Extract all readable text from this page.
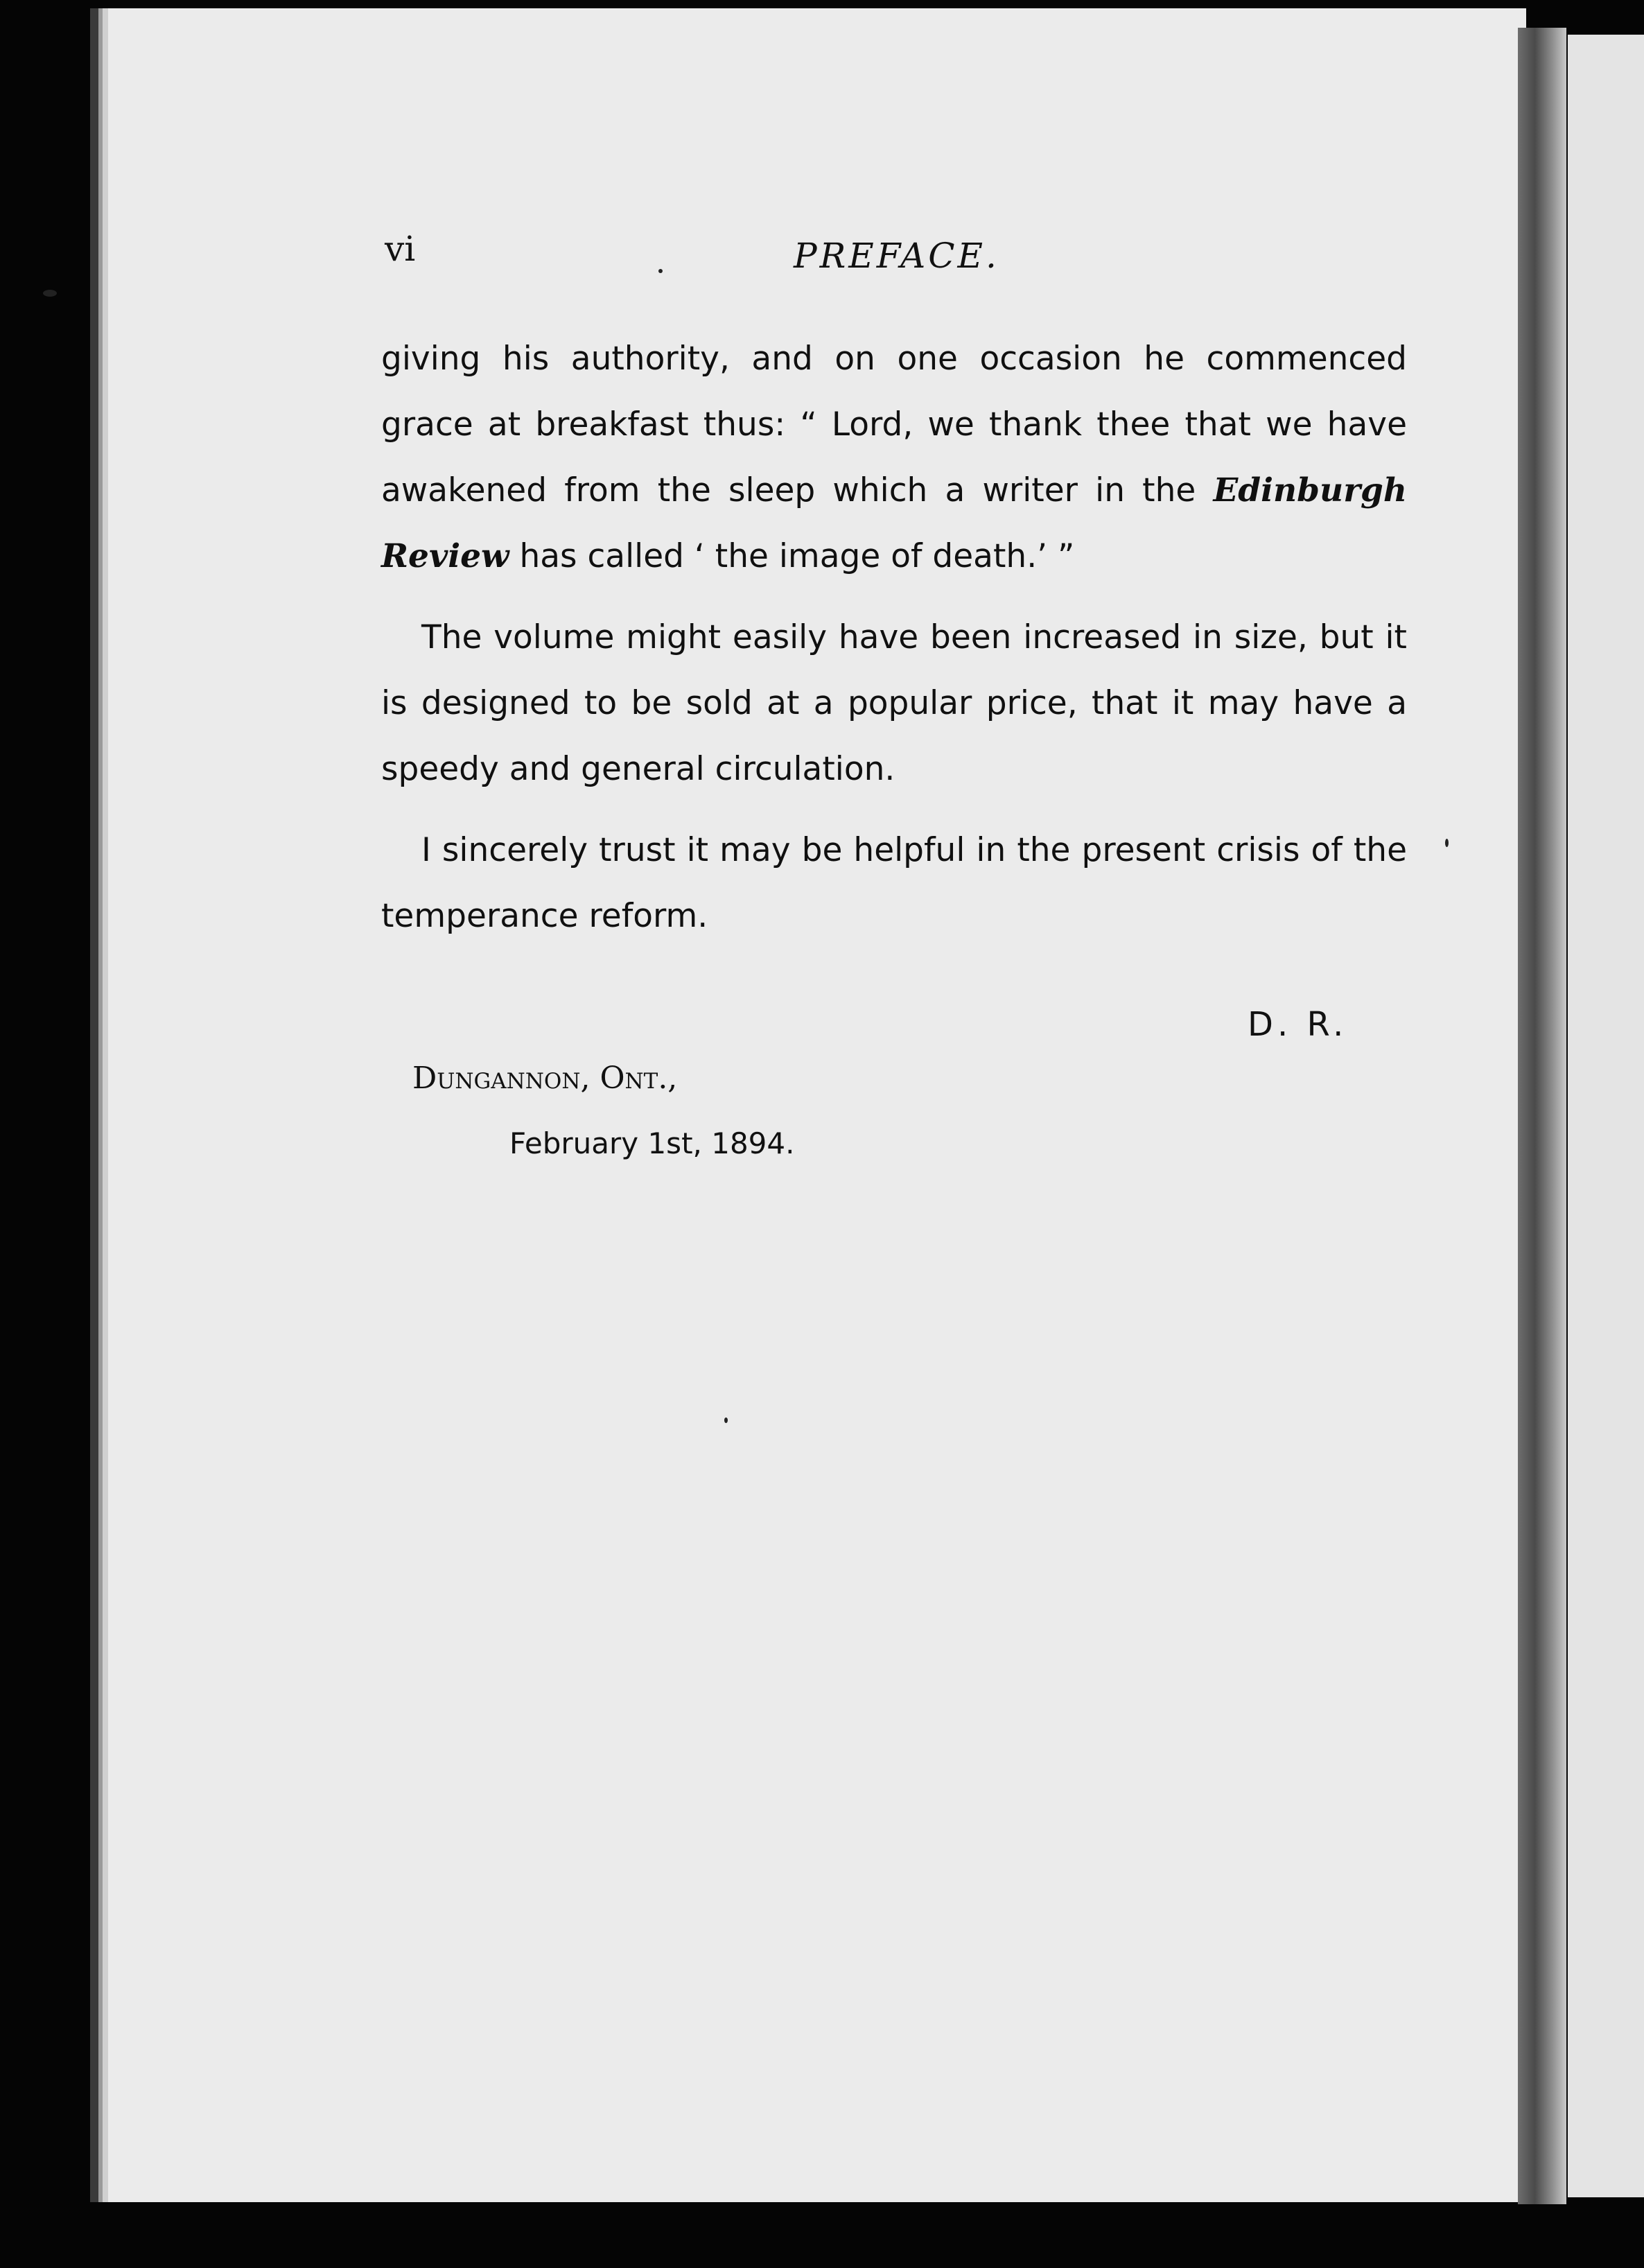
vi	PREFACE.

giving his authority, and on one occasion he commenced grace at breakfast thus: “ Lord, we thank thee that we have awakened from the sleep which a writer in the Edinburgh Review has called ‘ the image of death.’ ”

The volume might easily have been increased in size, but it is designed to be sold at a popular price, that it may have a speedy and general circulation.

I sincerely trust it may be helpful in the present crisis of the temperance reform.

D. R.
Dungannon, Ont.,
February 1st, 1894.
